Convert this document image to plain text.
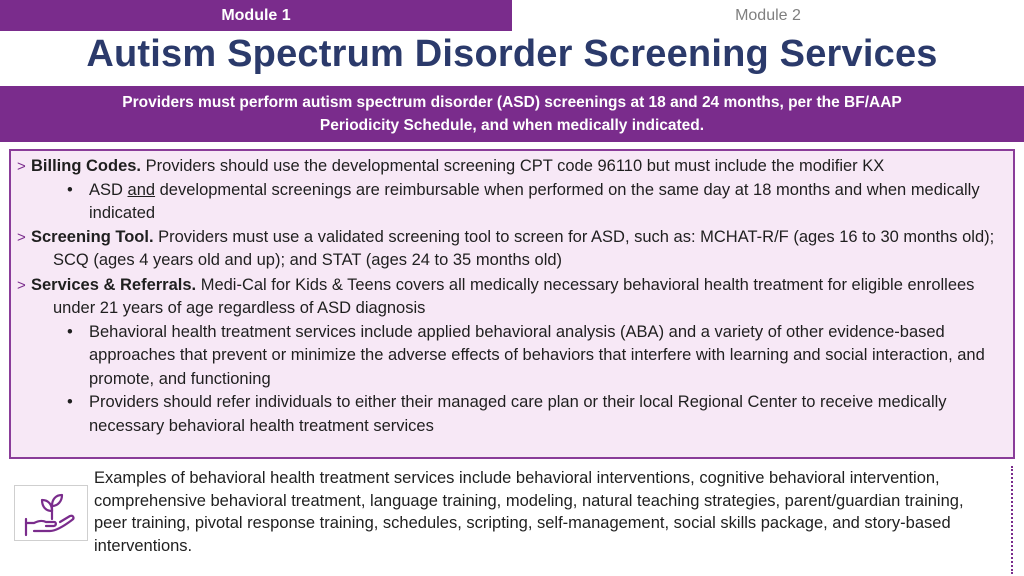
Module 1	Module 2
Autism Spectrum Disorder Screening Services
Providers must perform autism spectrum disorder (ASD) screenings at 18 and 24 months, per the BF/AAP
Periodicity Schedule, and when medically indicated.
> Billing Codes. Providers should use the developmental screening CPT code 96110 but must include the modifier KX
• ASD and developmental screenings are reimbursable when performed on the same day at 18 months and when medically indicated
> Screening Tool. Providers must use a validated screening tool to screen for ASD, such as: MCHAT-R/F (ages 16 to 30 months old); SCQ (ages 4 years old and up); and STAT (ages 24 to 35 months old)
> Services & Referrals. Medi-Cal for Kids & Teens covers all medically necessary behavioral health treatment for eligible enrollees under 21 years of age regardless of ASD diagnosis
• Behavioral health treatment services include applied behavioral analysis (ABA) and a variety of other evidence-based approaches that prevent or minimize the adverse effects of behaviors that interfere with learning and social interaction, and promote, and functioning
• Providers should refer individuals to either their managed care plan or their local Regional Center to receive medically necessary behavioral health treatment services
Examples of behavioral health treatment services include behavioral interventions, cognitive behavioral intervention, comprehensive behavioral treatment, language training, modeling, natural teaching strategies, parent/guardian training, peer training, pivotal response training, schedules, scripting, self-management, social skills package, and story-based interventions.
